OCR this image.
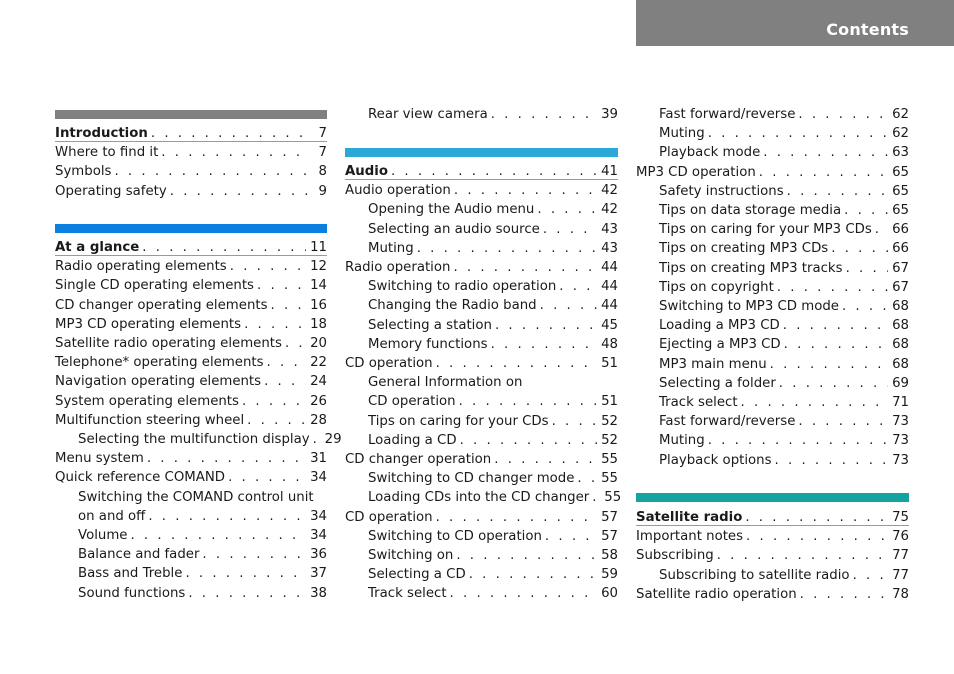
Contents
Introduction . . .	7
Where to find it . . .	7
Symbols . . .	8
Operating safety . . .	9
At a glance . . .	11
Radio operating elements . . .	12
Single CD operating elements . . .	14
CD changer operating elements . . .	16
MP3 CD operating elements . . .	18
Satellite radio operating elements . . . 20
Telephone* operating elements . . .	22
Navigation operating elements . . .	24
System operating elements . . .	26
Multifunction steering wheel . . .	28
Selecting the multifunction display . . . 29
Menu system . . .	31
Quick reference COMAND . . .	34
Switching the COMAND control unit
on and off . . .	34
Volume . . .	34
Balance and fader . . .	36
Bass and Treble . . .	37
Sound functions . . .	38
Rear view camera . . .	39
Audio . . .	41
Audio operation . . .	42
Opening the Audio menu . . .	42
Selecting an audio source . . .	43
Muting . . .	43
Radio operation . . .	44
Switching to radio operation . . .	44
Changing the Radio band . . .	44
Selecting a station . . .	45
Memory functions . . .	48
CD operation . . .	51
General Information on
CD operation . . .	51
Tips on caring for your CDs . . .	52
Loading a CD . . .	52
CD changer operation . . .	55
Switching to CD changer mode . . . 55
Loading CDs into the CD changer . . . 55
CD operation . . .	57
Switching to CD operation . . .	57
Switching on . . .	58
Selecting a CD . . .	59
Track select . . .	60
Fast forward/reverse . . .	62
Muting . . .	62
Playback mode . . .	63
MP3 CD operation . . .	65
Safety instructions . . .	65
Tips on data storage media . . .	65
Tips on caring for your MP3 CDs . . . 66
Tips on creating MP3 CDs . . .	66
Tips on creating MP3 tracks . . .	67
Tips on copyright . . .	67
Switching to MP3 CD mode . . .	68
Loading a MP3 CD . . .	68
Ejecting a MP3 CD . . .	68
MP3 main menu . . .	68
Selecting a folder . . .	69
Track select . . .	71
Fast forward/reverse . . .	73
Muting . . .	73
Playback options . . .	73
Satellite radio . . .	75
Important notes . . .	76
Subscribing . . .	77
Subscribing to satellite radio . . .	77
Satellite radio operation . . .	78
